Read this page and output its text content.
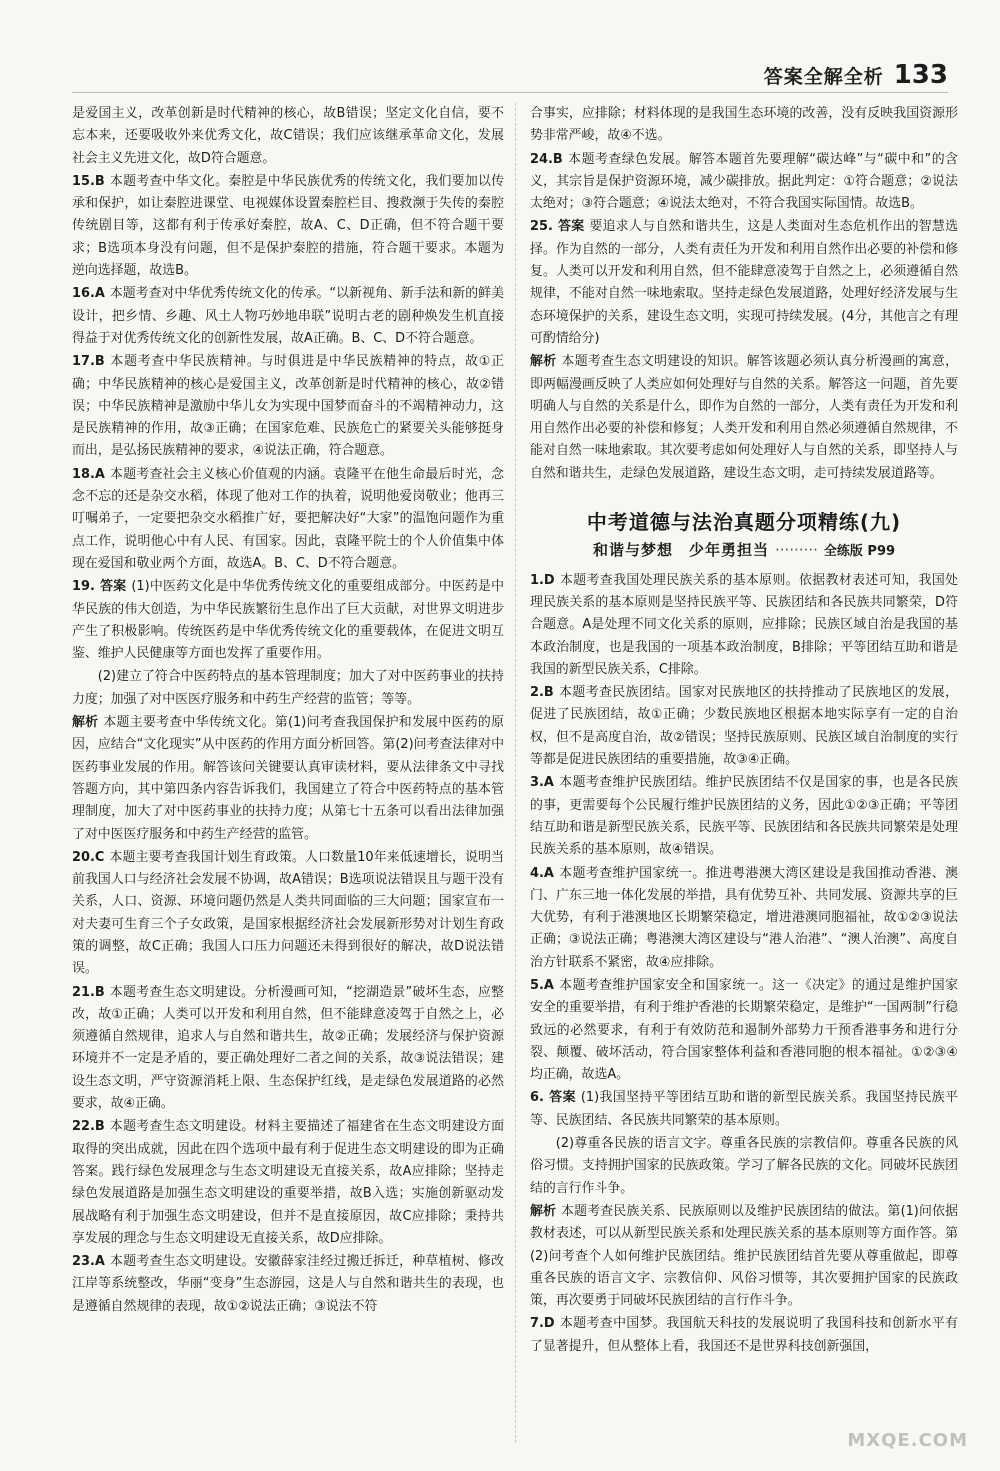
答案全解全析 133

是爱国主义，改革创新是时代精神的核心，故B错误；坚定文化自信，要不忘本来，还要吸收外来优秀文化，故C错误；我们应该继承革命文化，发展社会主义先进文化，故D符合题意。

15.B 本题考查中华文化。秦腔是中华民族优秀的传统文化，我们要加以传承和保护，如让秦腔进课堂、电视媒体设置秦腔栏目、搜救濒于失传的秦腔传统剧目等，这都有利于传承好秦腔，故A、C、D正确，但不符合题干要求；B选项本身没有问题，但不是保护秦腔的措施，符合题干要求。本题为逆向选择题，故选B。

16.A 本题考查对中华优秀传统文化的传承。“以新视角、新手法和新的鲜美设计，把乡情、乡趣、风土人物巧妙地串联”说明古老的剧种焕发生机直接得益于对优秀传统文化的创新性发展，故A正确。B、C、D不符合题意。

17.B 本题考查中华民族精神。与时俱进是中华民族精神的特点，故①正确；中华民族精神的核心是爱国主义，改革创新是时代精神的核心，故②错误；中华民族精神是激励中华儿女为实现中国梦而奋斗的不竭精神动力，这是民族精神的作用，故③正确；在国家危难、民族危亡的紧要关头能够挺身而出，是弘扬民族精神的要求，④说法正确，符合题意。

18.A 本题考查社会主义核心价值观的内涵。袁隆平在他生命最后时光，念念不忘的还是杂交水稻，体现了他对工作的执着，说明他爱岗敬业；他再三叮嘱弟子，一定要把杂交水稻推广好，要把解决好“大家”的温饱问题作为重点工作，说明他心中有人民、有国家。因此，袁隆平院士的个人价值集中体现在爱国和敬业两个方面，故选A。B、C、D不符合题意。

19. 答案 (1)中医药文化是中华优秀传统文化的重要组成部分。中医药是中华民族的伟大创造，为中华民族繁衍生息作出了巨大贡献，对世界文明进步产生了积极影响。传统医药是中华优秀传统文化的重要载体，在促进文明互鉴、维护人民健康等方面也发挥了重要作用。

(2)建立了符合中医药特点的基本管理制度；加大了对中医药事业的扶持力度；加强了对中医医疗服务和中药生产经营的监管；等等。

解析 本题主要考查中华传统文化。第(1)问考查我国保护和发展中医药的原因，应结合“文化现实”从中医药的作用方面分析回答。第(2)问考查法律对中医药事业发展的作用。解答该问关键要认真审读材料，要从法律条文中寻找答题方向，其中第四条内容告诉我们，我国建立了符合中医药特点的基本管理制度，加大了对中医药事业的扶持力度；从第七十五条可以看出法律加强了对中医医疗服务和中药生产经营的监管。

20.C 本题主要考查我国计划生育政策。人口数量10年来低速增长，说明当前我国人口与经济社会发展不协调，故A错误；B选项说法错误且与题干没有关系，人口、资源、环境问题仍然是人类共同面临的三大问题；国家宣布一对夫妻可生育三个子女政策，是国家根据经济社会发展新形势对计划生育政策的调整，故C正确；我国人口压力问题还未得到很好的解决，故D说法错误。

21.B 本题考查生态文明建设。分析漫画可知，“挖湖造景”破坏生态，应整改，故①正确；人类可以开发和利用自然，但不能肆意凌驾于自然之上，必须遵循自然规律，追求人与自然和谐共生，故②正确；发展经济与保护资源环境并不一定是矛盾的，要正确处理好二者之间的关系，故③说法错误；建设生态文明，严守资源消耗上限、生态保护红线，是走绿色发展道路的必然要求，故④正确。

22.B 本题考查生态文明建设。材料主要描述了福建省在生态文明建设方面取得的突出成就，因此在四个选项中最有利于促进生态文明建设的即为正确答案。践行绿色发展理念与生态文明建设无直接关系，故A应排除；坚持走绿色发展道路是加强生态文明建设的重要举措，故B入选；实施创新驱动发展战略有利于加强生态文明建设，但并不是直接原因，故C应排除；秉持共享发展的理念与生态文明建设无直接关系，故D应排除。

23.A 本题考查生态文明建设。安徽薛家洼经过搬迁拆迁，种草植树、修改江岸等系统整改，华丽“变身”生态游园，这是人与自然和谐共生的表现，也是遵循自然规律的表现，故①②说法正确；③说法不符

合事实，应排除；材料体现的是我国生态环境的改善，没有反映我国资源形势非常严峻，故④不选。

24.B 本题考查绿色发展。解答本题首先要理解“碳达峰”与“碳中和”的含义，其宗旨是保护资源环境，减少碳排放。据此判定：①符合题意；②说法太绝对；③符合题意；④说法太绝对，不符合我国实际国情。故选B。

25. 答案 要追求人与自然和谐共生，这是人类面对生态危机作出的智慧选择。作为自然的一部分，人类有责任为开发和利用自然作出必要的补偿和修复。人类可以开发和利用自然，但不能肆意凌驾于自然之上，必须遵循自然规律，不能对自然一味地索取。坚持走绿色发展道路，处理好经济发展与生态环境保护的关系，建设生态文明，实现可持续发展。(4分，其他言之有理可酌情给分)

解析 本题考查生态文明建设的知识。解答该题必须认真分析漫画的寓意，即两幅漫画反映了人类应如何处理好与自然的关系。解答这一问题，首先要明确人与自然的关系是什么，即作为自然的一部分，人类有责任为开发和利用自然作出必要的补偿和修复；人类开发和利用自然必须遵循自然规律，不能对自然一味地索取。其次要考虑如何处理好人与自然的关系，即坚持人与自然和谐共生，走绿色发展道路，建设生态文明，走可持续发展道路等。

中考道德与法治真题分项精练(九)
和谐与梦想　少年勇担当 ········· 全练版 P99

1.D 本题考查我国处理民族关系的基本原则。依据教材表述可知，我国处理民族关系的基本原则是坚持民族平等、民族团结和各民族共同繁荣，D符合题意。A是处理不同文化关系的原则，应排除；民族区域自治是我国的基本政治制度，也是我国的一项基本政治制度，B排除；平等团结互助和谐是我国的新型民族关系，C排除。

2.B 本题考查民族团结。国家对民族地区的扶持推动了民族地区的发展，促进了民族团结，故①正确；少数民族地区根据本地实际享有一定的自治权，但不是高度自治，故②错误；坚持民族原则、民族区域自治制度的实行等都是促进民族团结的重要措施，故③④正确。

3.A 本题考查维护民族团结。维护民族团结不仅是国家的事，也是各民族的事，更需要每个公民履行维护民族团结的义务，因此①②③正确；平等团结互助和谐是新型民族关系，民族平等、民族团结和各民族共同繁荣是处理民族关系的基本原则，故④错误。

4.A 本题考查维护国家统一。推进粤港澳大湾区建设是我国推动香港、澳门、广东三地一体化发展的举措，具有优势互补、共同发展、资源共享的巨大优势，有利于港澳地区长期繁荣稳定，增进港澳同胞福祉，故①②③说法正确；③说法正确；粤港澳大湾区建设与“港人治港”、“澳人治澳”、高度自治方针联系不紧密，故④应排除。

5.A 本题考查维护国家安全和国家统一。这一《决定》的通过是维护国家安全的重要举措，有利于维护香港的长期繁荣稳定，是维护“一国两制”行稳致远的必然要求，有利于有效防范和遏制外部势力干预香港事务和进行分裂、颠覆、破坏活动，符合国家整体利益和香港同胞的根本福祉。①②③④均正确，故选A。

6. 答案 (1)我国坚持平等团结互助和谐的新型民族关系。我国坚持民族平等、民族团结、各民族共同繁荣的基本原则。

(2)尊重各民族的语言文字。尊重各民族的宗教信仰。尊重各民族的风俗习惯。支持拥护国家的民族政策。学习了解各民族的文化。同破坏民族团结的言行作斗争。

解析 本题考查民族关系、民族原则以及维护民族团结的做法。第(1)问依据教材表述，可以从新型民族关系和处理民族关系的基本原则等方面作答。第(2)问考查个人如何维护民族团结。维护民族团结首先要从尊重做起，即尊重各民族的语言文字、宗教信仰、风俗习惯等，其次要拥护国家的民族政策，再次要勇于同破坏民族团结的言行作斗争。

7.D 本题考查中国梦。我国航天科技的发展说明了我国科技和创新水平有了显著提升，但从整体上看，我国还不是世界科技创新强国，

MXQE.COM
